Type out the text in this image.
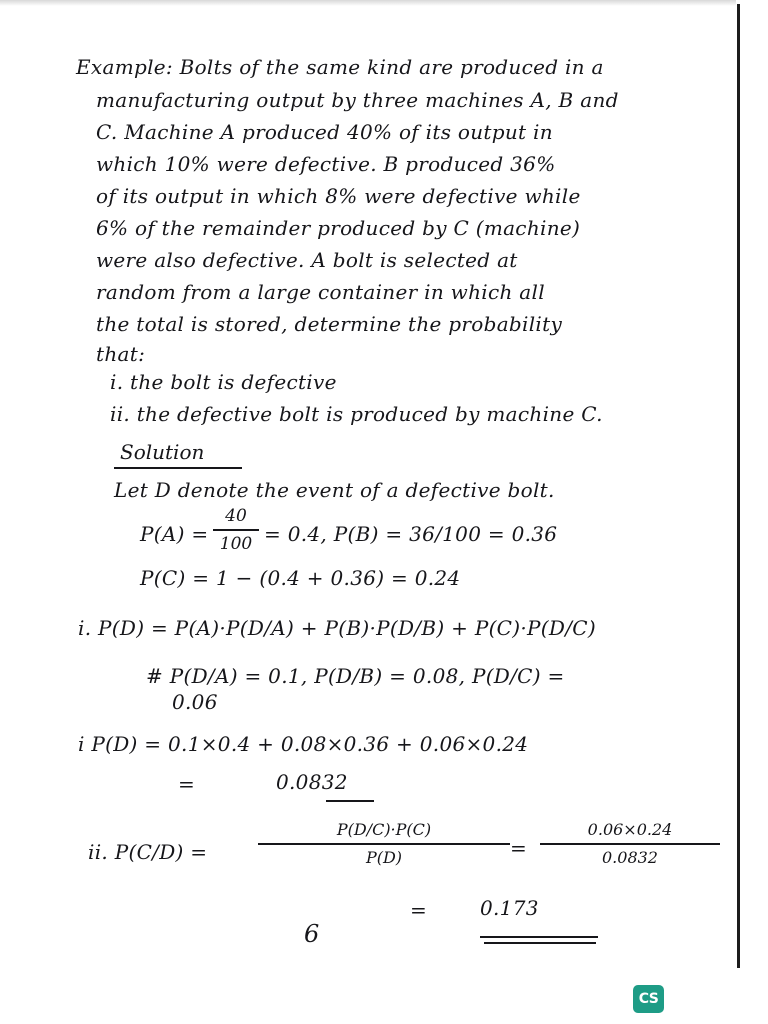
Example: Bolts of the same kind are produced in a
manufacturing output by three machines A, B and
C. Machine A produced 40% of its output in
which 10% were defective. B produced 36%
of its output in which 8% were defective while
6% of the remainder produced by C (machine)
were also defective. A bolt is selected at
random from a large container in which all
the total is stored, determine the probability
that:
i. the bolt is defective
ii. the defective bolt is produced by machine C.
Solution
Let D denote the event of a defective bolt.
P(A) =
40
100 = 0.4, P(B) = 36/100 = 0.36
P(C) = 1 − (0.4 + 0.36) = 0.24
i. P(D) = P(A)·P(D/A) + P(B)·P(D/B) + P(C)·P(D/C)
# P(D/A) = 0.1, P(D/B) = 0.08, P(D/C) =
0.06
i P(D) = 0.1×0.4 + 0.08×0.36 + 0.06×0.24
=	0.0832
ii. P(C/D) =
P(D/C)·P(C)
P(D)	=
0.06×0.24
0.0832
=	0.173
6
CS
